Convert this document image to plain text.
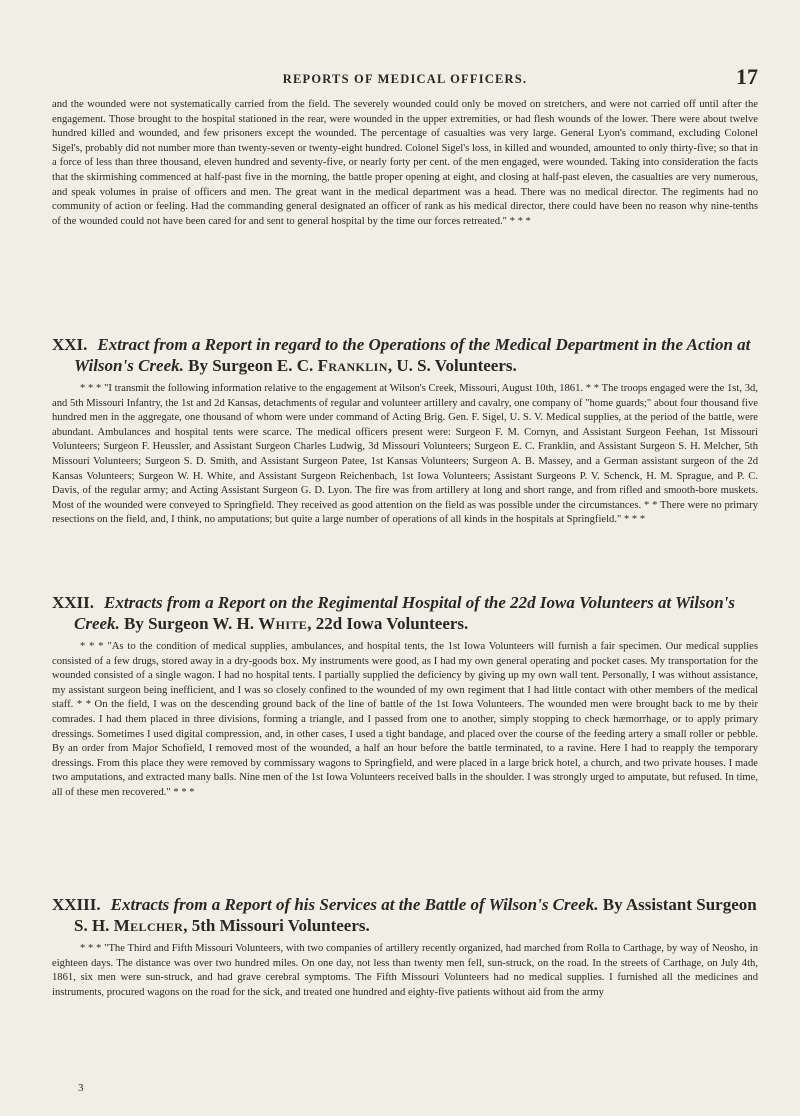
REPORTS OF MEDICAL OFFICERS.	17

and the wounded were not systematically carried from the field. The severely wounded could only be moved on stretchers, and were not carried off until after the engagement. Those brought to the hospital stationed in the rear, were wounded in the upper extremities, or had flesh wounds of the lower. There were about twelve hundred killed and wounded, and few prisoners except the wounded. The percentage of casualties was very large. General Lyon's command, excluding Colonel Sigel's, probably did not number more than twenty-seven or twenty-eight hundred. Colonel Sigel's loss, in killed and wounded, amounted to only thirty-five; so that in a force of less than three thousand, eleven hundred and seventy-five, or nearly forty per cent. of the men engaged, were wounded. Taking into consideration the facts that the skirmishing commenced at half-past five in the morning, the battle proper opening at eight, and closing at half-past eleven, the casualties are very numerous, and speak volumes in praise of officers and men. The great want in the medical department was a head. There was no medical director. The regiments had no community of action or feeling. Had the commanding general designated an officer of rank as his medical director, there could have been no reason why nine-tenths of the wounded could not have been cared for and sent to general hospital by the time our forces retreated." * * *

XXI. Extract from a Report in regard to the Operations of the Medical Department in the Action at Wilson's Creek. By Surgeon E. C. Franklin, U. S. Volunteers.

* * * "I transmit the following information relative to the engagement at Wilson's Creek, Missouri, August 10th, 1861. * * The troops engaged were the 1st, 3d, and 5th Missouri Infantry, the 1st and 2d Kansas, detachments of regular and volunteer artillery and cavalry, one company of "home guards;" about four thousand five hundred men in the aggregate, one thousand of whom were under command of Acting Brig. Gen. F. Sigel, U. S. V. Medical supplies, at the period of the battle, were abundant. Ambulances and hospital tents were scarce. The medical officers present were: Surgeon F. M. Cornyn, and Assistant Surgeon Feehan, 1st Missouri Volunteers; Surgeon F. Heussler, and Assistant Surgeon Charles Ludwig, 3d Missouri Volunteers; Surgeon E. C. Franklin, and Assistant Surgeon S. H. Melcher, 5th Missouri Volunteers; Surgeon S. D. Smith, and Assistant Surgeon Patee, 1st Kansas Volunteers; Surgeon A. B. Massey, and a German assistant surgeon of the 2d Kansas Volunteers; Surgeon W. H. White, and Assistant Surgeon Reichenbach, 1st Iowa Volunteers; Assistant Surgeons P. V. Schenck, H. M. Sprague, and P. C. Davis, of the regular army; and Acting Assistant Surgeon G. D. Lyon. The fire was from artillery at long and short range, and from rifled and smooth-bore muskets. Most of the wounded were conveyed to Springfield. They received as good attention on the field as was possible under the circumstances. * * There were no primary resections on the field, and, I think, no amputations; but quite a large number of operations of all kinds in the hospitals at Springfield." * * *

XXII. Extracts from a Report on the Regimental Hospital of the 22d Iowa Volunteers at Wilson's Creek. By Surgeon W. H. White, 22d Iowa Volunteers.

* * * "As to the condition of medical supplies, ambulances, and hospital tents, the 1st Iowa Volunteers will furnish a fair specimen. Our medical supplies consisted of a few drugs, stored away in a dry-goods box. My instruments were good, as I had my own general operating and pocket cases. My transportation for the wounded consisted of a single wagon. I had no hospital tents. I partially supplied the deficiency by giving up my own wall tent. Personally, I was without assistance, my assistant surgeon being inefficient, and I was so closely confined to the wounded of my own regiment that I had little contact with other members of the medical staff. * * On the field, I was on the descending ground back of the line of battle of the 1st Iowa Volunteers. The wounded men were brought back to me by their comrades. I had them placed in three divisions, forming a triangle, and I passed from one to another, simply stopping to check hæmorrhage, or to apply primary dressings. Sometimes I used digital compression, and, in other cases, I used a tight bandage, and placed over the course of the feeding artery a small roller or pebble. By an order from Major Schofield, I removed most of the wounded, a half an hour before the battle terminated, to a ravine. Here I had to reapply the temporary dressings. From this place they were removed by commissary wagons to Springfield, and were placed in a large brick hotel, a church, and two private houses. I made two amputations, and extracted many balls. Nine men of the 1st Iowa Volunteers received balls in the shoulder. I was strongly urged to amputate, but refused. In time, all of these men recovered." * * *

XXIII. Extracts from a Report of his Services at the Battle of Wilson's Creek. By Assistant Surgeon S. H. Melcher, 5th Missouri Volunteers.

* * * "The Third and Fifth Missouri Volunteers, with two companies of artillery recently organized, had marched from Rolla to Carthage, by way of Neosho, in eighteen days. The distance was over two hundred miles. On one day, not less than twenty men fell, sun-struck, on the road. In the streets of Carthage, on July 4th, 1861, six men were sun-struck, and had grave cerebral symptoms. The Fifth Missouri Volunteers had no medical supplies. I furnished all the medicines and instruments, procured wagons on the road for the sick, and treated one hundred and eighty-five patients without aid from the army

3
